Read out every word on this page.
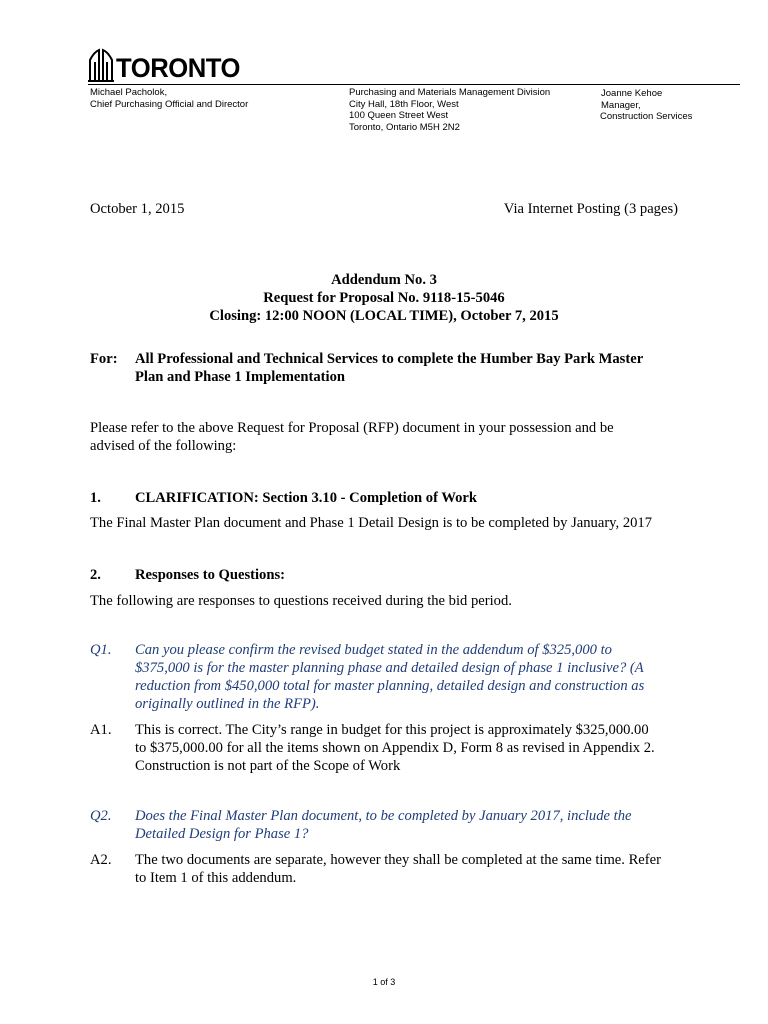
TORONTO
Michael Pacholok,
Chief Purchasing Official and Director
Purchasing and Materials Management Division
City Hall, 18th Floor, West
100 Queen Street West
Toronto, Ontario M5H 2N2
Joanne Kehoe
Manager,
Construction Services
October 1, 2015	Via Internet Posting (3 pages)
Addendum No. 3
Request for Proposal No. 9118-15-5046
Closing: 12:00 NOON (LOCAL TIME), October 7, 2015
For: All Professional and Technical Services to complete the Humber Bay Park Master
Plan and Phase 1 Implementation
Please refer to the above Request for Proposal (RFP) document in your possession and be
advised of the following:
1. CLARIFICATION: Section 3.10 - Completion of Work
The Final Master Plan document and Phase 1 Detail Design is to be completed by January, 2017
2. Responses to Questions:
The following are responses to questions received during the bid period.
Q1. Can you please confirm the revised budget stated in the addendum of $325,000 to
$375,000 is for the master planning phase and detailed design of phase 1 inclusive? (A
reduction from $450,000 total for master planning, detailed design and construction as
originally outlined in the RFP).
A1. This is correct. The City’s range in budget for this project is approximately $325,000.00
to $375,000.00 for all the items shown on Appendix D, Form 8 as revised in Appendix 2.
Construction is not part of the Scope of Work
Q2. Does the Final Master Plan document, to be completed by January 2017, include the
Detailed Design for Phase 1?
A2. The two documents are separate, however they shall be completed at the same time. Refer
to Item 1 of this addendum.
1 of 3
